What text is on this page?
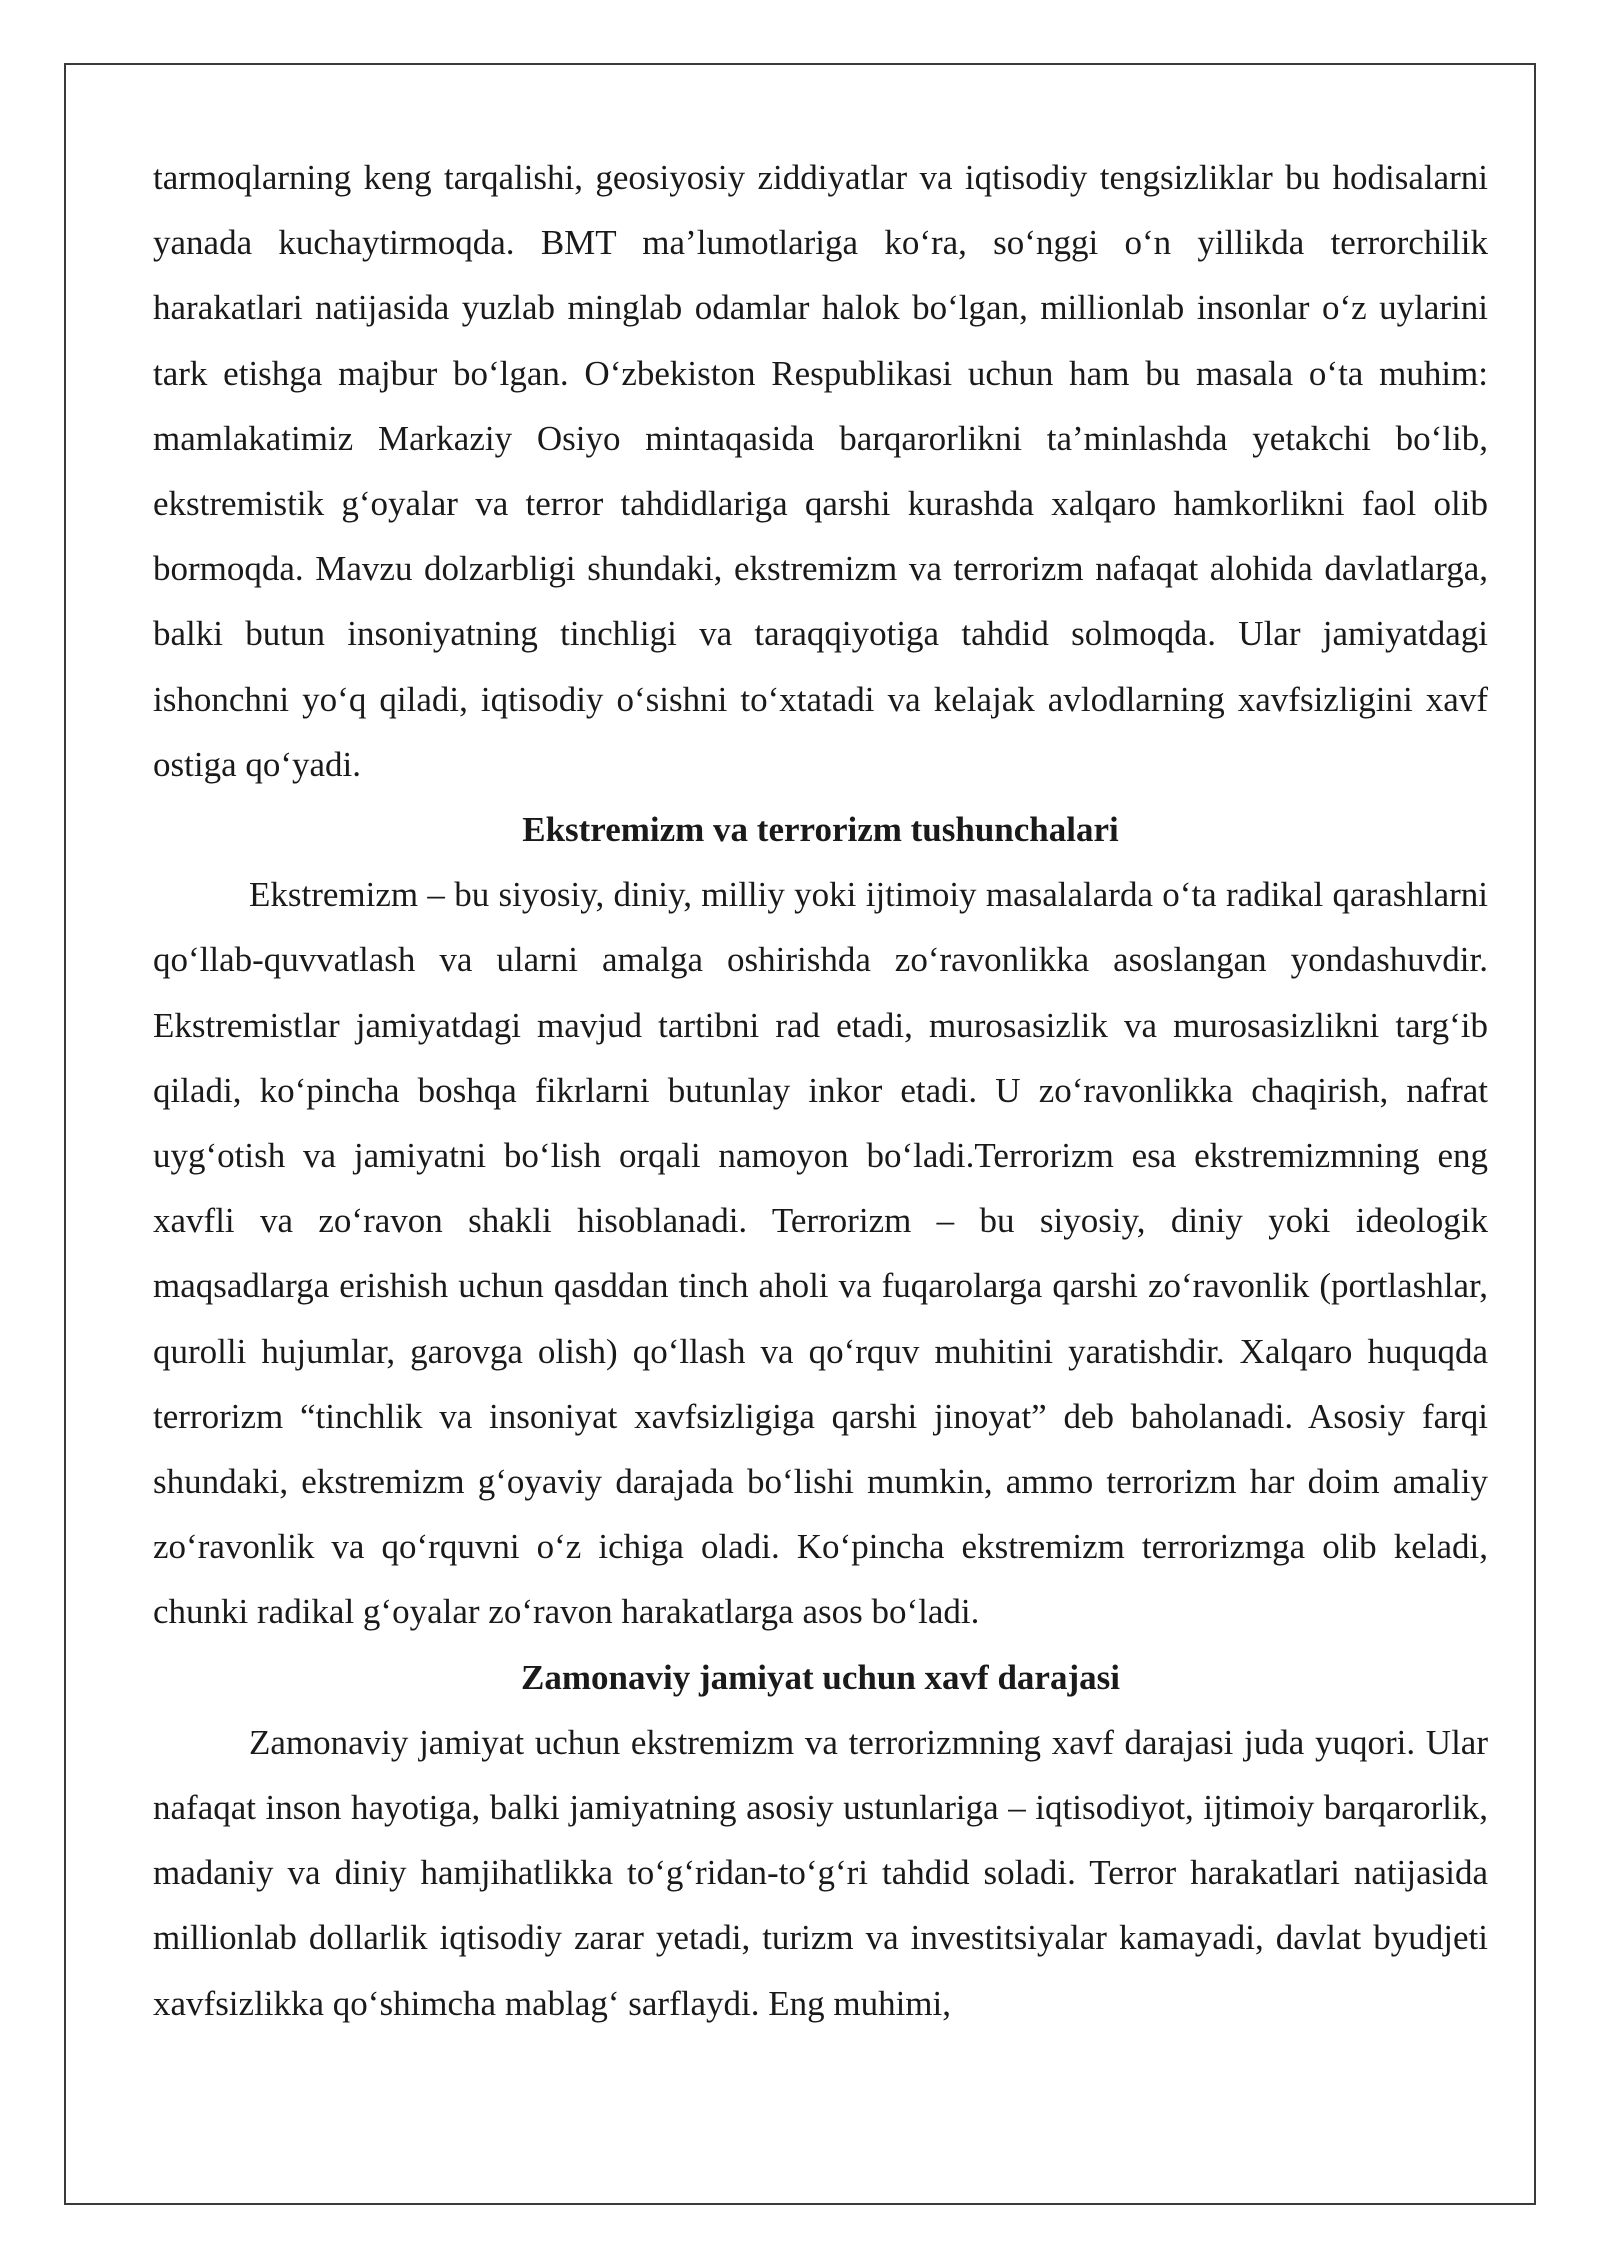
tarmoqlarning keng tarqalishi, geosiyosiy ziddiyatlar va iqtisodiy tengsizliklar bu hodisalarni yanada kuchaytirmoqda. BMT ma’lumotlariga ko‘ra, so‘nggi o‘n yillikda terrorchilik harakatlari natijasida yuzlab minglab odamlar halok bo‘lgan, millionlab insonlar o‘z uylarini tark etishga majbur bo‘lgan. O‘zbekiston Respublikasi uchun ham bu masala o‘ta muhim: mamlakatimiz Markaziy Osiyo mintaqasida barqarorlikni ta’minlashda yetakchi bo‘lib, ekstremistik g‘oyalar va terror tahdidlariga qarshi kurashda xalqaro hamkorlikni faol olib bormoqda. Mavzu dolzarbligi shundaki, ekstremizm va terrorizm nafaqat alohida davlatlarga, balki butun insoniyatning tinchligi va taraqqiyotiga tahdid solmoqda. Ular jamiyatdagi ishonchni yo‘q qiladi, iqtisodiy o‘sishni to‘xtatadi va kelajak avlodlarning xavfsizligini xavf ostiga qo‘yadi.

Ekstremizm va terrorizm tushunchalari

Ekstremizm – bu siyosiy, diniy, milliy yoki ijtimoiy masalalarda o‘ta radikal qarashlarni qo‘llab-quvvatlash va ularni amalga oshirishda zo‘ravonlikka asoslangan yondashuvdir. Ekstremistlar jamiyatdagi mavjud tartibni rad etadi, murosasizlik va murosasizlikni targ‘ib qiladi, ko‘pincha boshqa fikrlarni butunlay inkor etadi. U zo‘ravonlikka chaqirish, nafrat uyg‘otish va jamiyatni bo‘lish orqali namoyon bo‘ladi.Terrorizm esa ekstremizmning eng xavfli va zo‘ravon shakli hisoblanadi. Terrorizm – bu siyosiy, diniy yoki ideologik maqsadlarga erishish uchun qasddan tinch aholi va fuqarolarga qarshi zo‘ravonlik (portlashlar, qurolli hujumlar, garovga olish) qo‘llash va qo‘rquv muhitini yaratishdir. Xalqaro huquqda terrorizm “tinchlik va insoniyat xavfsizligiga qarshi jinoyat” deb baholanadi. Asosiy farqi shundaki, ekstremizm g‘oyaviy darajada bo‘lishi mumkin, ammo terrorizm har doim amaliy zo‘ravonlik va qo‘rquvni o‘z ichiga oladi. Ko‘pincha ekstremizm terrorizmga olib keladi, chunki radikal g‘oyalar zo‘ravon harakatlarga asos bo‘ladi.

Zamonaviy jamiyat uchun xavf darajasi

Zamonaviy jamiyat uchun ekstremizm va terrorizmning xavf darajasi juda yuqori. Ular nafaqat inson hayotiga, balki jamiyatning asosiy ustunlariga – iqtisodiyot, ijtimoiy barqarorlik, madaniy va diniy hamjihatlikka to‘g‘ridan-to‘g‘ri tahdid soladi. Terror harakatlari natijasida millionlab dollarlik iqtisodiy zarar yetadi, turizm va investitsiyalar kamayadi, davlat byudjeti xavfsizlikka qo‘shimcha mablag‘ sarflaydi. Eng muhimi,
